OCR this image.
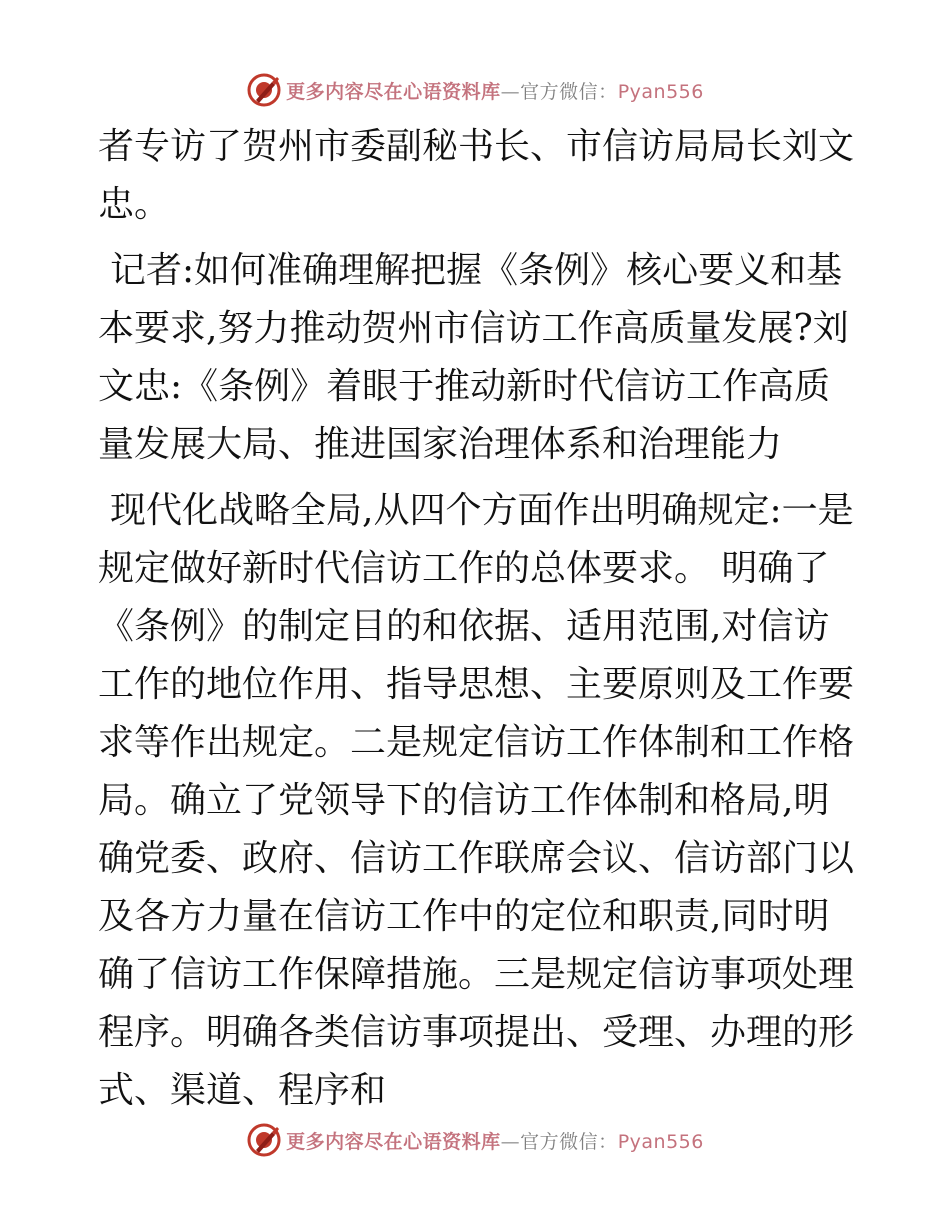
更多内容尽在心语资料库—官方微信：Pyan556

者专访了贺州市委副秘书长、市信访局局长刘文忠。

记者:如何准确理解把握《条例》核心要义和基本要求,努力推动贺州市信访工作高质量发展?刘文忠:《条例》着眼于推动新时代信访工作高质量发展大局、推进国家治理体系和治理能力

现代化战略全局,从四个方面作出明确规定:一是规定做好新时代信访工作的总体要求。 明确了《条例》的制定目的和依据、适用范围,对信访工作的地位作用、指导思想、主要原则及工作要求等作出规定。二是规定信访工作体制和工作格局。确立了党领导下的信访工作体制和格局,明确党委、政府、信访工作联席会议、信访部门以及各方力量在信访工作中的定位和职责,同时明确了信访工作保障措施。三是规定信访事项处理程序。明确各类信访事项提出、受理、办理的形式、渠道、程序和

更多内容尽在心语资料库—官方微信：Pyan556
